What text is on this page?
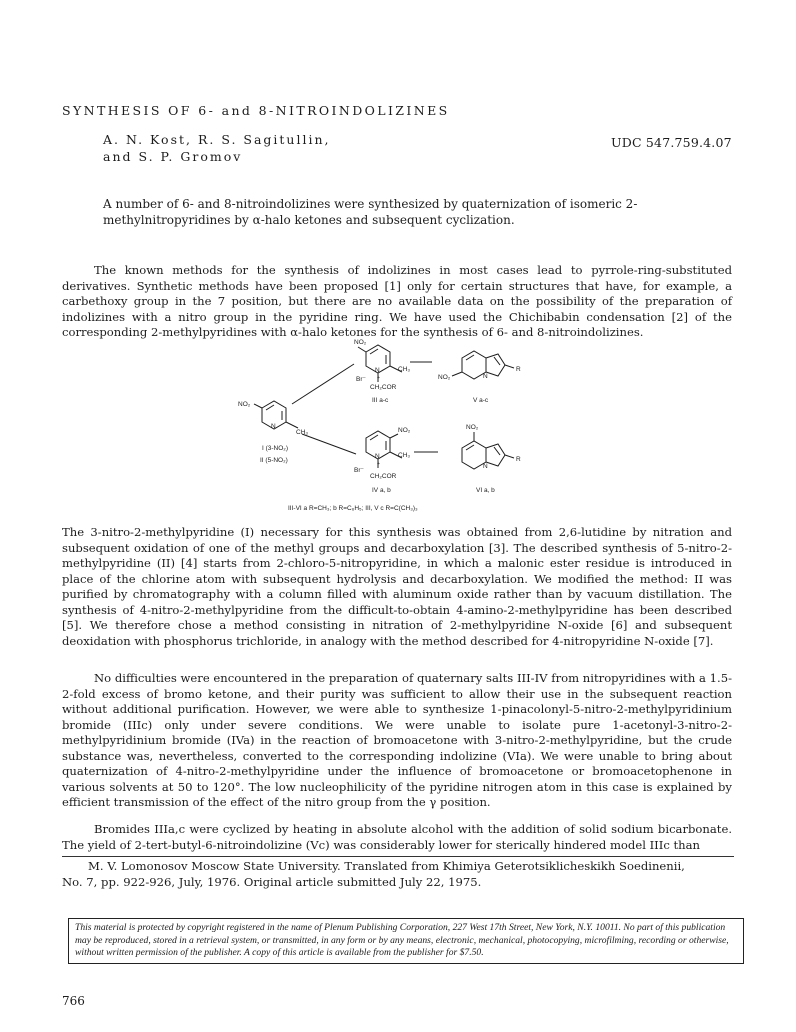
SYNTHESIS OF 6- and 8-NITROINDOLIZINES
A. N. Kost, R. S. Sagitullin,
and S. P. Gromov
UDC 547.759.4.07
A number of 6- and 8-nitroindolizines were synthesized by quaternization of isomeric 2-methylnitropyridines by α-halo ketones and subsequent cyclization.
The known methods for the synthesis of indolizines in most cases lead to pyrrole-ring-substituted derivatives. Synthetic methods have been proposed [1] only for certain structures that have, for example, a carbethoxy group in the 7 position, but there are no available data on the possibility of the preparation of indolizines with a nitro group in the pyridine ring. We have used the Chichibabin condensation [2] of the corresponding 2-methylpyridines with α-halo ketones for the synthesis of 6- and 8-nitroindolizines.
NO₂
N
+
CH₃
Br⁻
CH₂COR
III a-c
NO₂	N
R
V a-c
NO₂
N
CH₃
I (3-NO₂)
II (5-NO₂)
NO₂
N
+
CH₃
Br⁻
CH₂COR
IV a, b
NO₂
N
R
VI a, b
III-VI a R=CH₃; b R=C₆H₅; III, V c R=C(CH₃)₃
The 3-nitro-2-methylpyridine (I) necessary for this synthesis was obtained from 2,6-lutidine by nitration and subsequent oxidation of one of the methyl groups and decarboxylation [3]. The described synthesis of 5-nitro-2-methylpyridine (II) [4] starts from 2-chloro-5-nitropyridine, in which a malonic ester residue is introduced in place of the chlorine atom with subsequent hydrolysis and decarboxylation. We modified the method: II was purified by chromatography with a column filled with aluminum oxide rather than by vacuum distillation. The synthesis of 4-nitro-2-methylpyridine from the difficult-to-obtain 4-amino-2-methylpyridine has been described [5]. We therefore chose a method consisting in nitration of 2-methylpyridine N-oxide [6] and subsequent deoxidation with phosphorus trichloride, in analogy with the method described for 4-nitropyridine N-oxide [7].
No difficulties were encountered in the preparation of quaternary salts III-IV from nitropyridines with a 1.5-2-fold excess of bromo ketone, and their purity was sufficient to allow their use in the subsequent reaction without additional purification. However, we were able to synthesize 1-pinacolonyl-5-nitro-2-methylpyridinium bromide (IIIc) only under severe conditions. We were unable to isolate pure 1-acetonyl-3-nitro-2-methylpyridinium bromide (IVa) in the reaction of bromoacetone with 3-nitro-2-methylpyridine, but the crude substance was, nevertheless, converted to the corresponding indolizine (VIa). We were unable to bring about quaternization of 4-nitro-2-methylpyridine under the influence of bromoacetone or bromoacetophenone in various solvents at 50 to 120°. The low nucleophilicity of the pyridine nitrogen atom in this case is explained by efficient transmission of the effect of the nitro group from the γ position.
Bromides IIIa,c were cyclized by heating in absolute alcohol with the addition of solid sodium bicarbonate. The yield of 2-tert-butyl-6-nitroindolizine (Vc) was considerably lower for sterically hindered model IIIc than
M. V. Lomonosov Moscow State University. Translated from Khimiya Geterotsiklicheskikh Soedinenii,
No. 7, pp. 922-926, July, 1976. Original article submitted July 22, 1975.
This material is protected by copyright registered in the name of Plenum Publishing Corporation, 227 West 17th Street, New York, N.Y. 10011. No part of this publication may be reproduced, stored in a retrieval system, or transmitted, in any form or by any means, electronic, mechanical, photocopying, microfilming, recording or otherwise, without written permission of the publisher. A copy of this article is available from the publisher for $7.50.
766
